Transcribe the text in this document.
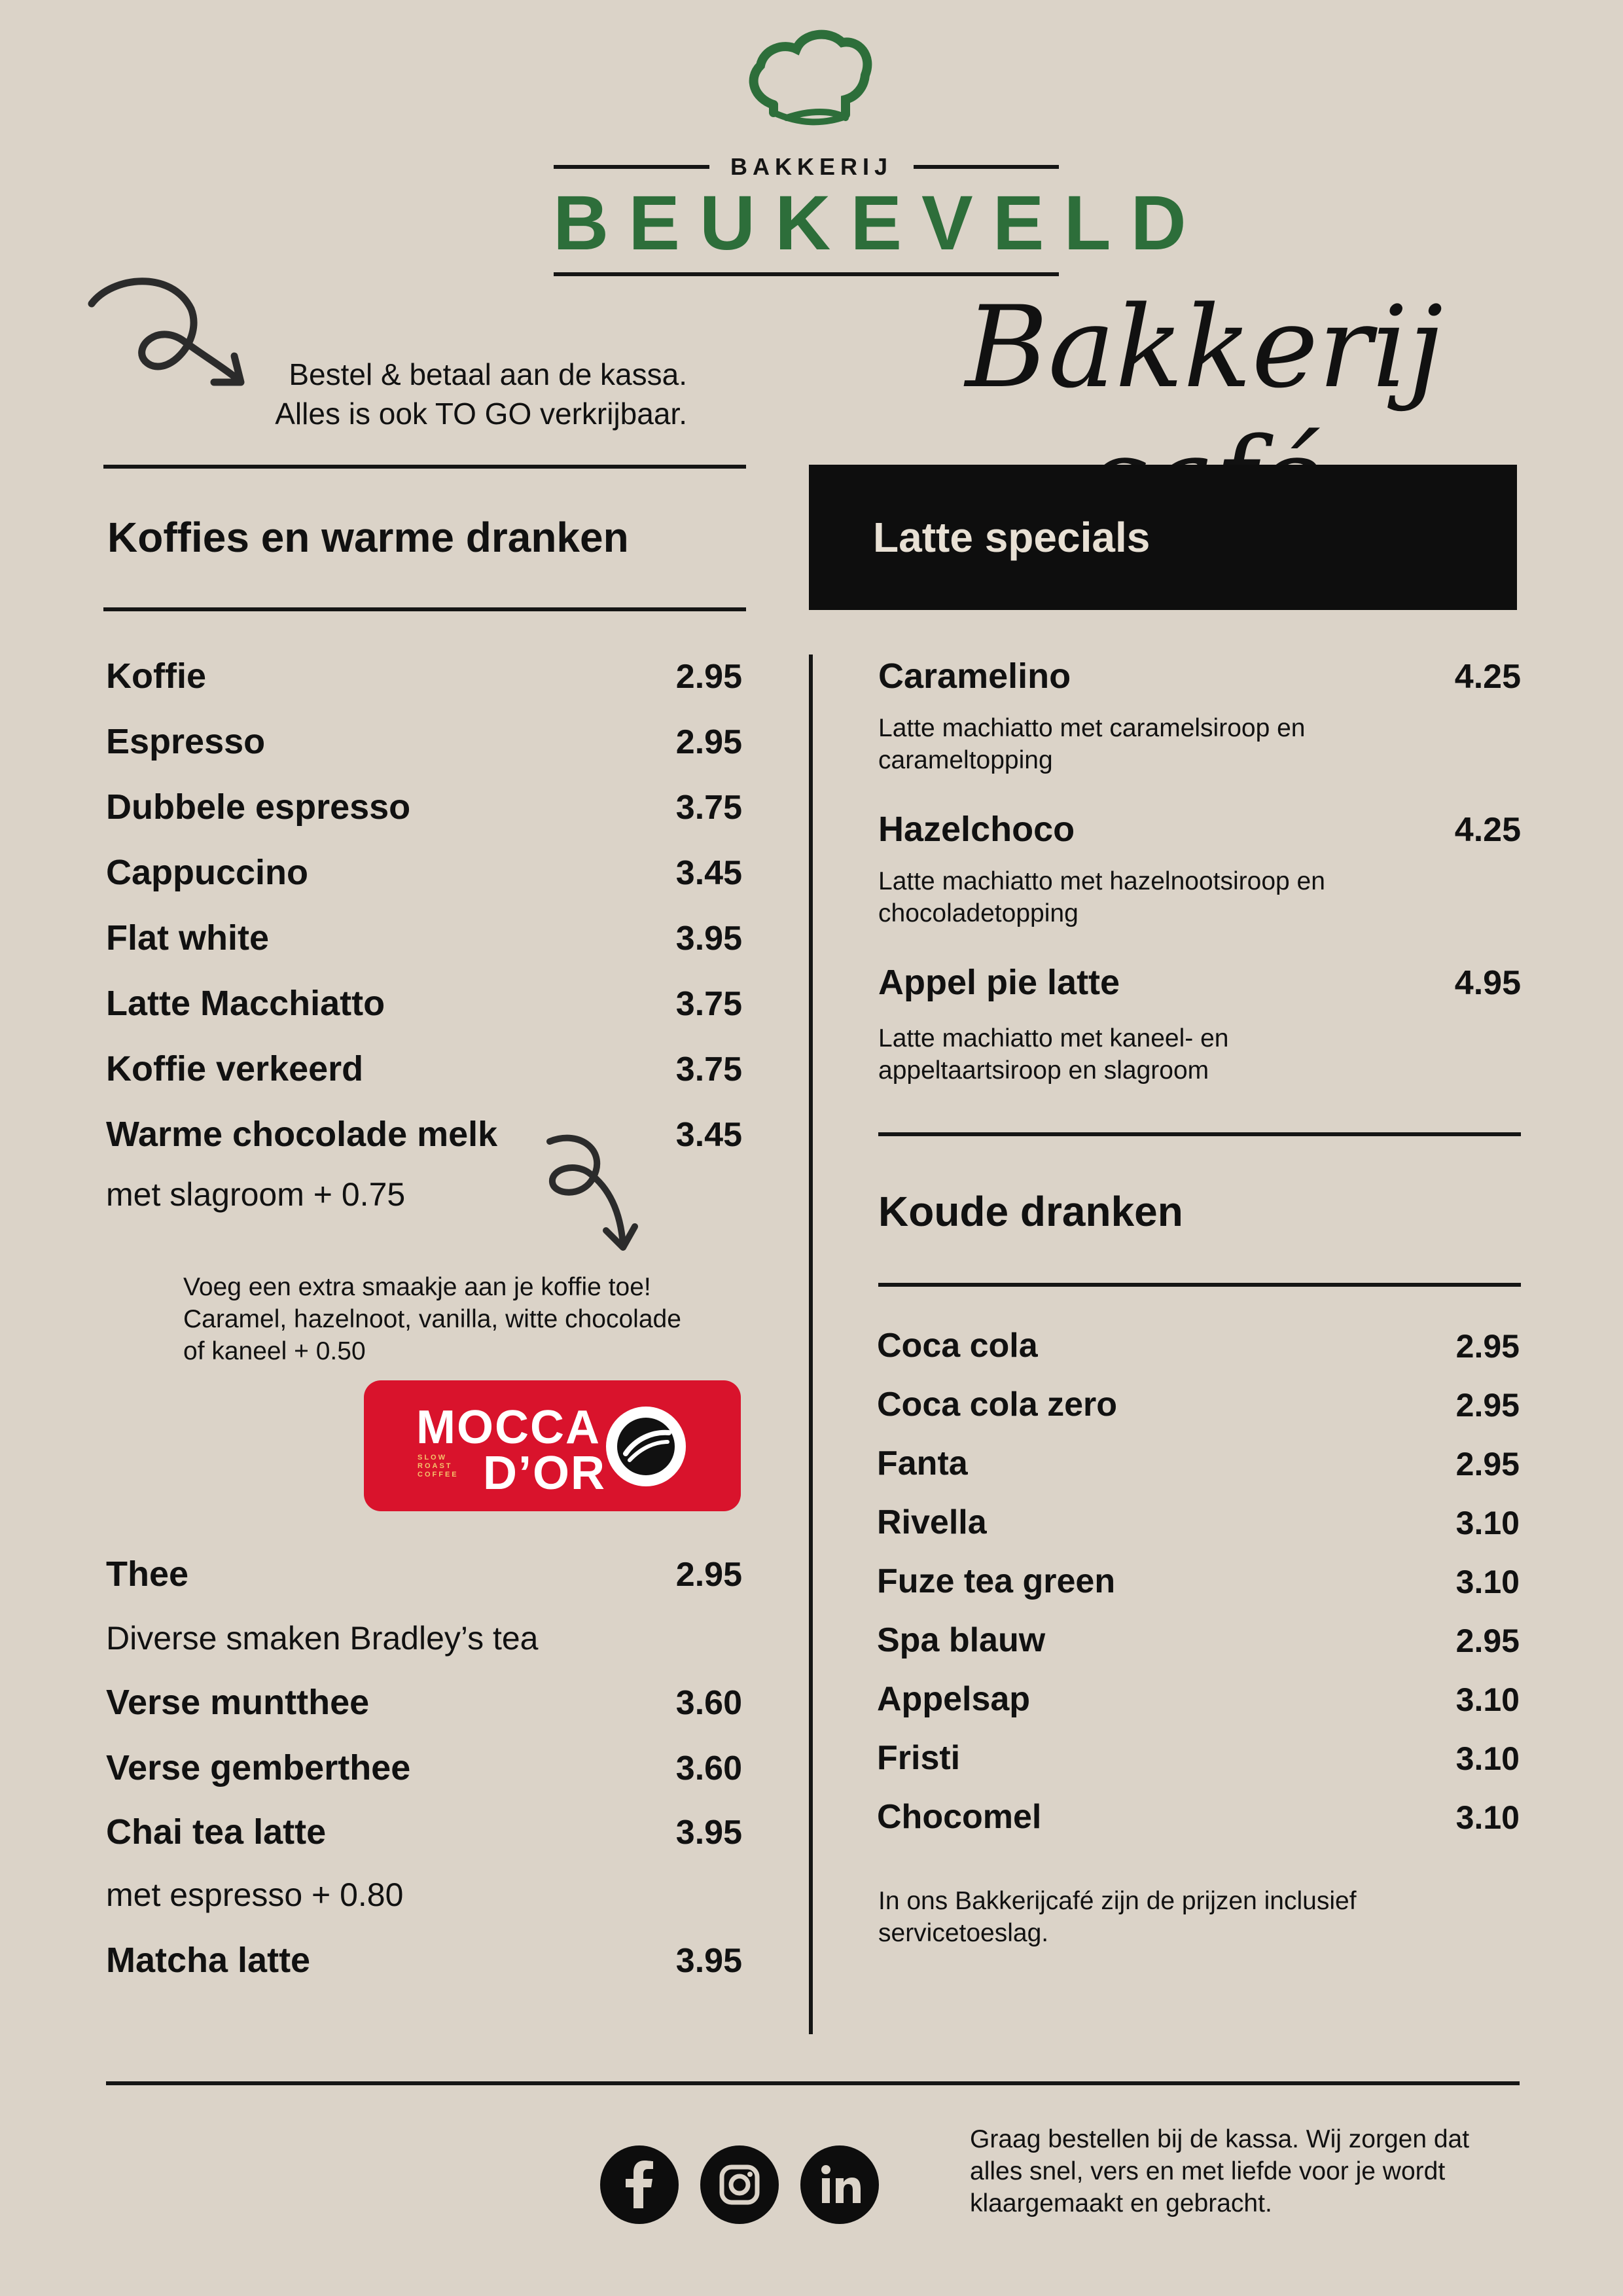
BAKKERIJ
BEUKEVELD
Bakkerij
Bestel & betaal aan de kassa.
Alles is ook TO GO verkrijbaar.
Koffies en warme dranken
Koffie	2.95
Espresso	2.95
Dubbele espresso	3.75
Cappuccino	3.45
Flat white	3.95
Latte Macchiatto	3.75
Koffie verkeerd	3.75
Warme chocolade melk	3.45
met slagroom + 0.75
Voeg een extra smaakje aan je koffie toe!
Caramel, hazelnoot, vanilla, witte chocolade
of kaneel + 0.50
MOCCA
SLOW
ROAST
COFFEE D’OR
Thee	2.95
Diverse smaken Bradley’s tea
Verse muntthee	3.60
Verse gemberthee	3.60
Chai tea latte	3.95
met espresso + 0.80
Matcha latte	3.95
Latte specials
Caramelino	4.25
Latte machiatto met caramelsiroop en
carameltopping
Hazelchoco	4.25
Latte machiatto met hazelnootsiroop en
chocoladetopping
Appel pie latte	4.95
Latte machiatto met kaneel- en
appeltaartsiroop en slagroom
Koude dranken
Coca cola	2.95
Coca cola zero	2.95
Fanta	2.95
Rivella	3.10
Fuze tea green	3.10
Spa blauw	2.95
Appelsap	3.10
Fristi	3.10
Chocomel	3.10
In ons Bakkerijcafé zijn de prijzen inclusief
servicetoeslag.
Graag bestellen bij de kassa. Wij zorgen dat
alles snel, vers en met liefde voor je wordt
klaargemaakt en gebracht.
